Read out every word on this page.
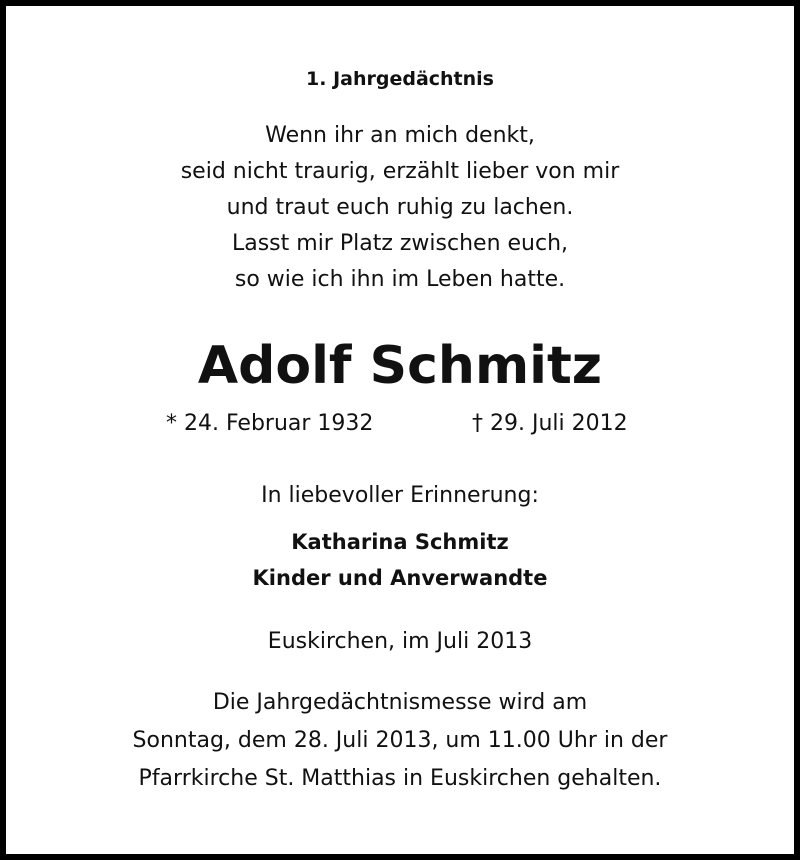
1. Jahrgedächtnis
Wenn ihr an mich denkt,
seid nicht traurig, erzählt lieber von mir
und traut euch ruhig zu lachen.
Lasst mir Platz zwischen euch,
so wie ich ihn im Leben hatte.
Adolf Schmitz
* 24. Februar 1932	† 29. Juli 2012
In liebevoller Erinnerung:
Katharina Schmitz
Kinder und Anverwandte
Euskirchen, im Juli 2013
Die Jahrgedächtnismesse wird am
Sonntag, dem 28. Juli 2013, um 11.00 Uhr in der
Pfarrkirche St. Matthias in Euskirchen gehalten.
